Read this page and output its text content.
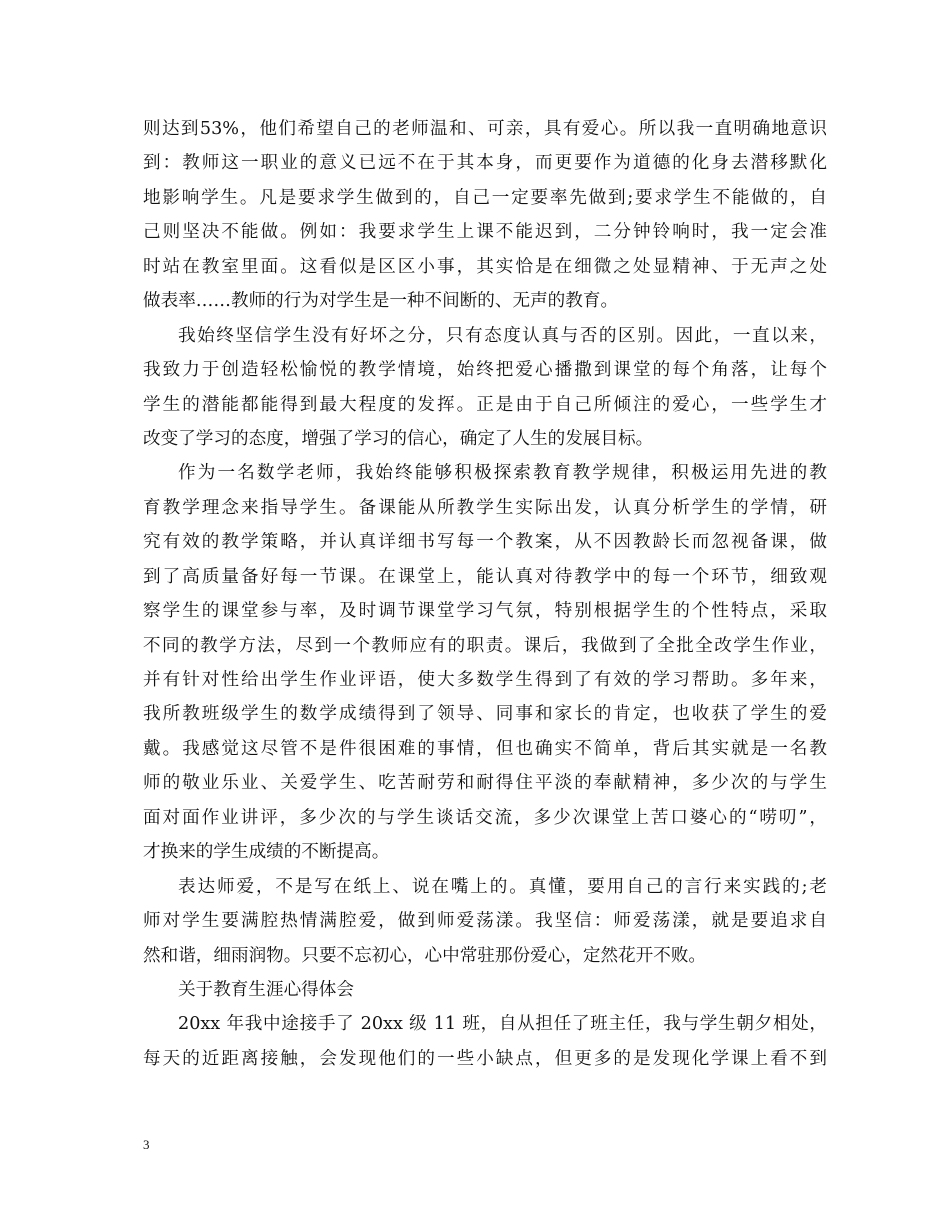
则达到53%，他们希望自己的老师温和、可亲，具有爱心。所以我一直明确地意识
到：教师这一职业的意义已远不在于其本身，而更要作为道德的化身去潜移默化
地影响学生。凡是要求学生做到的，自己一定要率先做到;要求学生不能做的，自
己则坚决不能做。例如：我要求学生上课不能迟到，二分钟铃响时，我一定会准
时站在教室里面。这看似是区区小事，其实恰是在细微之处显精神、于无声之处
做表率……教师的行为对学生是一种不间断的、无声的教育。
我始终坚信学生没有好坏之分，只有态度认真与否的区别。因此，一直以来，
我致力于创造轻松愉悦的教学情境，始终把爱心播撒到课堂的每个角落，让每个
学生的潜能都能得到最大程度的发挥。正是由于自己所倾注的爱心，一些学生才
改变了学习的态度，增强了学习的信心，确定了人生的发展目标。
作为一名数学老师，我始终能够积极探索教育教学规律，积极运用先进的教
育教学理念来指导学生。备课能从所教学生实际出发，认真分析学生的学情，研
究有效的教学策略，并认真详细书写每一个教案，从不因教龄长而忽视备课，做
到了高质量备好每一节课。在课堂上，能认真对待教学中的每一个环节，细致观
察学生的课堂参与率，及时调节课堂学习气氛，特别根据学生的个性特点，采取
不同的教学方法，尽到一个教师应有的职责。课后，我做到了全批全改学生作业，
并有针对性给出学生作业评语，使大多数学生得到了有效的学习帮助。多年来，
我所教班级学生的数学成绩得到了领导、同事和家长的肯定，也收获了学生的爱
戴。我感觉这尽管不是件很困难的事情，但也确实不简单，背后其实就是一名教
师的敬业乐业、关爱学生、吃苦耐劳和耐得住平淡的奉献精神，多少次的与学生
面对面作业讲评，多少次的与学生谈话交流，多少次课堂上苦口婆心的“唠叨”，
才换来的学生成绩的不断提高。
表达师爱，不是写在纸上、说在嘴上的。真懂，要用自己的言行来实践的;老
师对学生要满腔热情满腔爱，做到师爱荡漾。我坚信：师爱荡漾，就是要追求自
然和谐，细雨润物。只要不忘初心，心中常驻那份爱心，定然花开不败。
关于教育生涯心得体会
20xx 年我中途接手了 20xx 级 11 班，自从担任了班主任，我与学生朝夕相处，
每天的近距离接触，会发现他们的一些小缺点，但更多的是发现化学课上看不到
3
